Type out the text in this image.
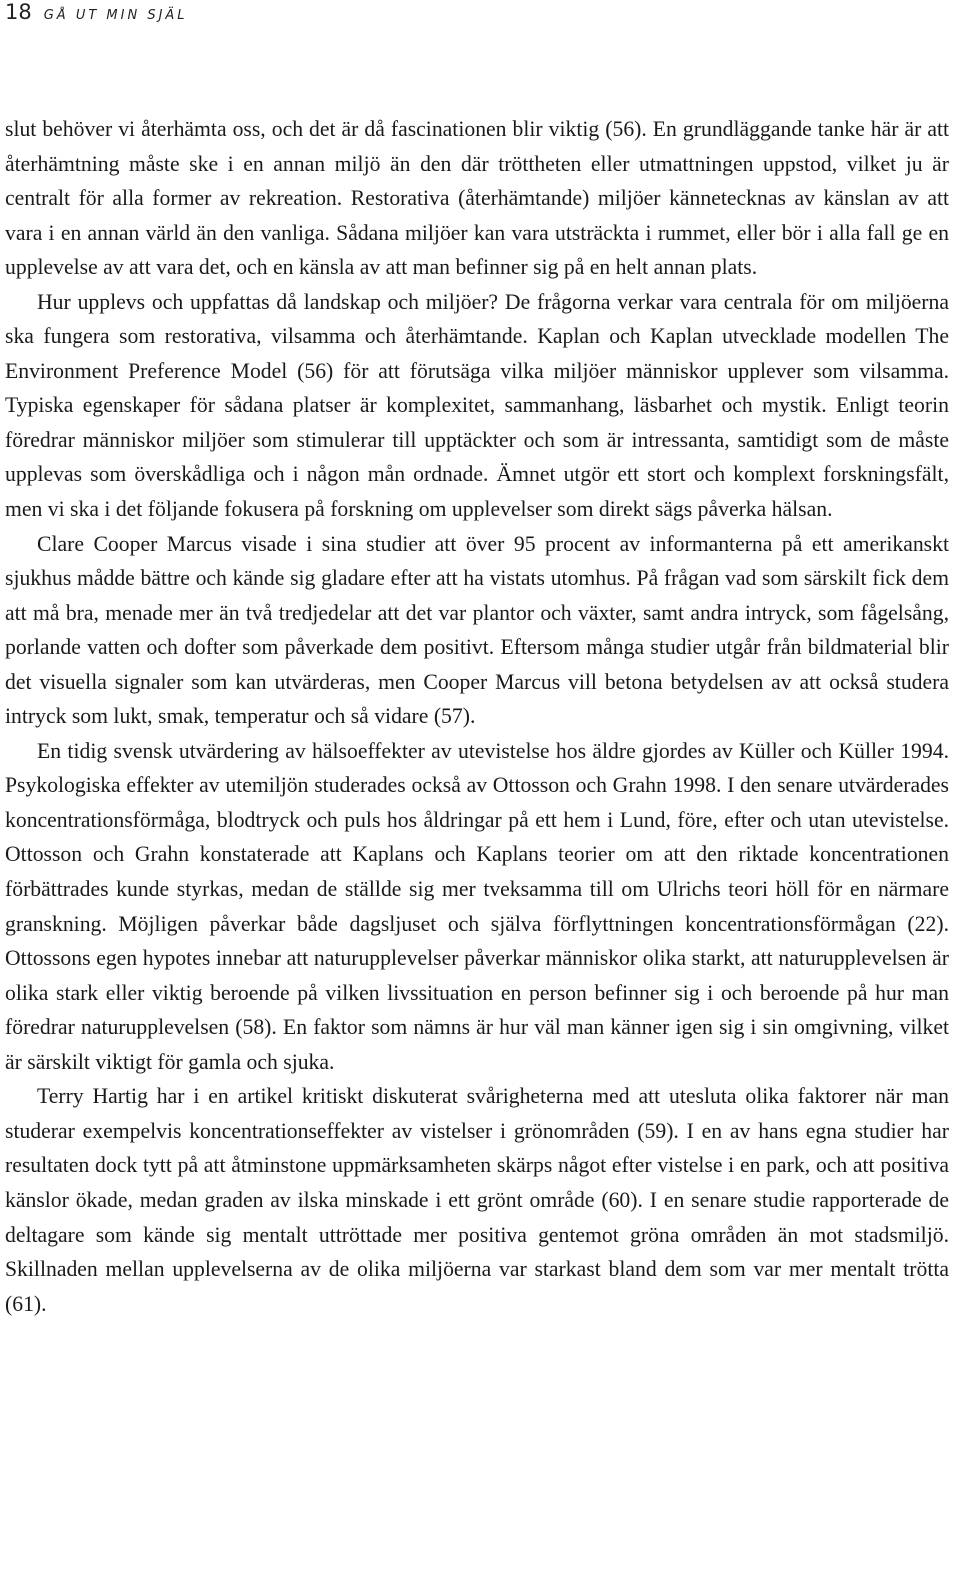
18 GÅ UT MIN SJÄL

slut behöver vi återhämta oss, och det är då fascinationen blir viktig (56). En grundläggande tanke här är att återhämtning måste ske i en annan miljö än den där tröttheten eller utmattningen uppstod, vilket ju är centralt för alla former av rekreation. Restorativa (återhämtande) miljöer kännetecknas av känslan av att vara i en annan värld än den vanliga. Sådana miljöer kan vara utsträckta i rummet, eller bör i alla fall ge en upplevelse av att vara det, och en känsla av att man befinner sig på en helt annan plats.

Hur upplevs och uppfattas då landskap och miljöer? De frågorna verkar vara centrala för om miljöerna ska fungera som restorativa, vilsamma och återhämtande. Kaplan och Kaplan utvecklade modellen The Environment Preference Model (56) för att förutsäga vilka miljöer människor upplever som vilsamma. Typiska egenskaper för sådana platser är komplexitet, sammanhang, läsbarhet och mystik. Enligt teorin föredrar människor miljöer som stimulerar till upptäckter och som är intressanta, samtidigt som de måste upplevas som överskådliga och i någon mån ordnade. Ämnet utgör ett stort och komplext forskningsfält, men vi ska i det följande fokusera på forskning om upplevelser som direkt sägs påverka hälsan.

Clare Cooper Marcus visade i sina studier att över 95 procent av informanterna på ett amerikanskt sjukhus mådde bättre och kände sig gladare efter att ha vistats utomhus. På frågan vad som särskilt fick dem att må bra, menade mer än två tredjedelar att det var plantor och växter, samt andra intryck, som fågelsång, porlande vatten och dofter som påverkade dem positivt. Eftersom många studier utgår från bildmaterial blir det visuella signaler som kan utvärderas, men Cooper Marcus vill betona betydelsen av att också studera intryck som lukt, smak, temperatur och så vidare (57).

En tidig svensk utvärdering av hälsoeffekter av utevistelse hos äldre gjordes av Küller och Küller 1994. Psykologiska effekter av utemiljön studerades också av Ottosson och Grahn 1998. I den senare utvärderades koncentrationsförmåga, blodtryck och puls hos åldringar på ett hem i Lund, före, efter och utan utevistelse. Ottosson och Grahn konstaterade att Kaplans och Kaplans teorier om att den riktade koncentrationen förbättrades kunde styrkas, medan de ställde sig mer tveksamma till om Ulrichs teori höll för en närmare granskning. Möjligen påverkar både dagsljuset och själva förflyttningen koncentrationsförmågan (22). Ottossons egen hypotes innebar att naturupplevelser påverkar människor olika starkt, att naturupplevelsen är olika stark eller viktig beroende på vilken livssituation en person befinner sig i och beroende på hur man föredrar naturupplevelsen (58). En faktor som nämns är hur väl man känner igen sig i sin omgivning, vilket är särskilt viktigt för gamla och sjuka.

Terry Hartig har i en artikel kritiskt diskuterat svårigheterna med att utesluta olika faktorer när man studerar exempelvis koncentrationseffekter av vistelser i grönområden (59). I en av hans egna studier har resultaten dock tytt på att åtminstone uppmärksamheten skärps något efter vistelse i en park, och att positiva känslor ökade, medan graden av ilska minskade i ett grönt område (60). I en senare studie rapporterade de deltagare som kände sig mentalt uttröttade mer positiva gentemot gröna områden än mot stadsmiljö. Skillnaden mellan upplevelserna av de olika miljöerna var starkast bland dem som var mer mentalt trötta (61).
